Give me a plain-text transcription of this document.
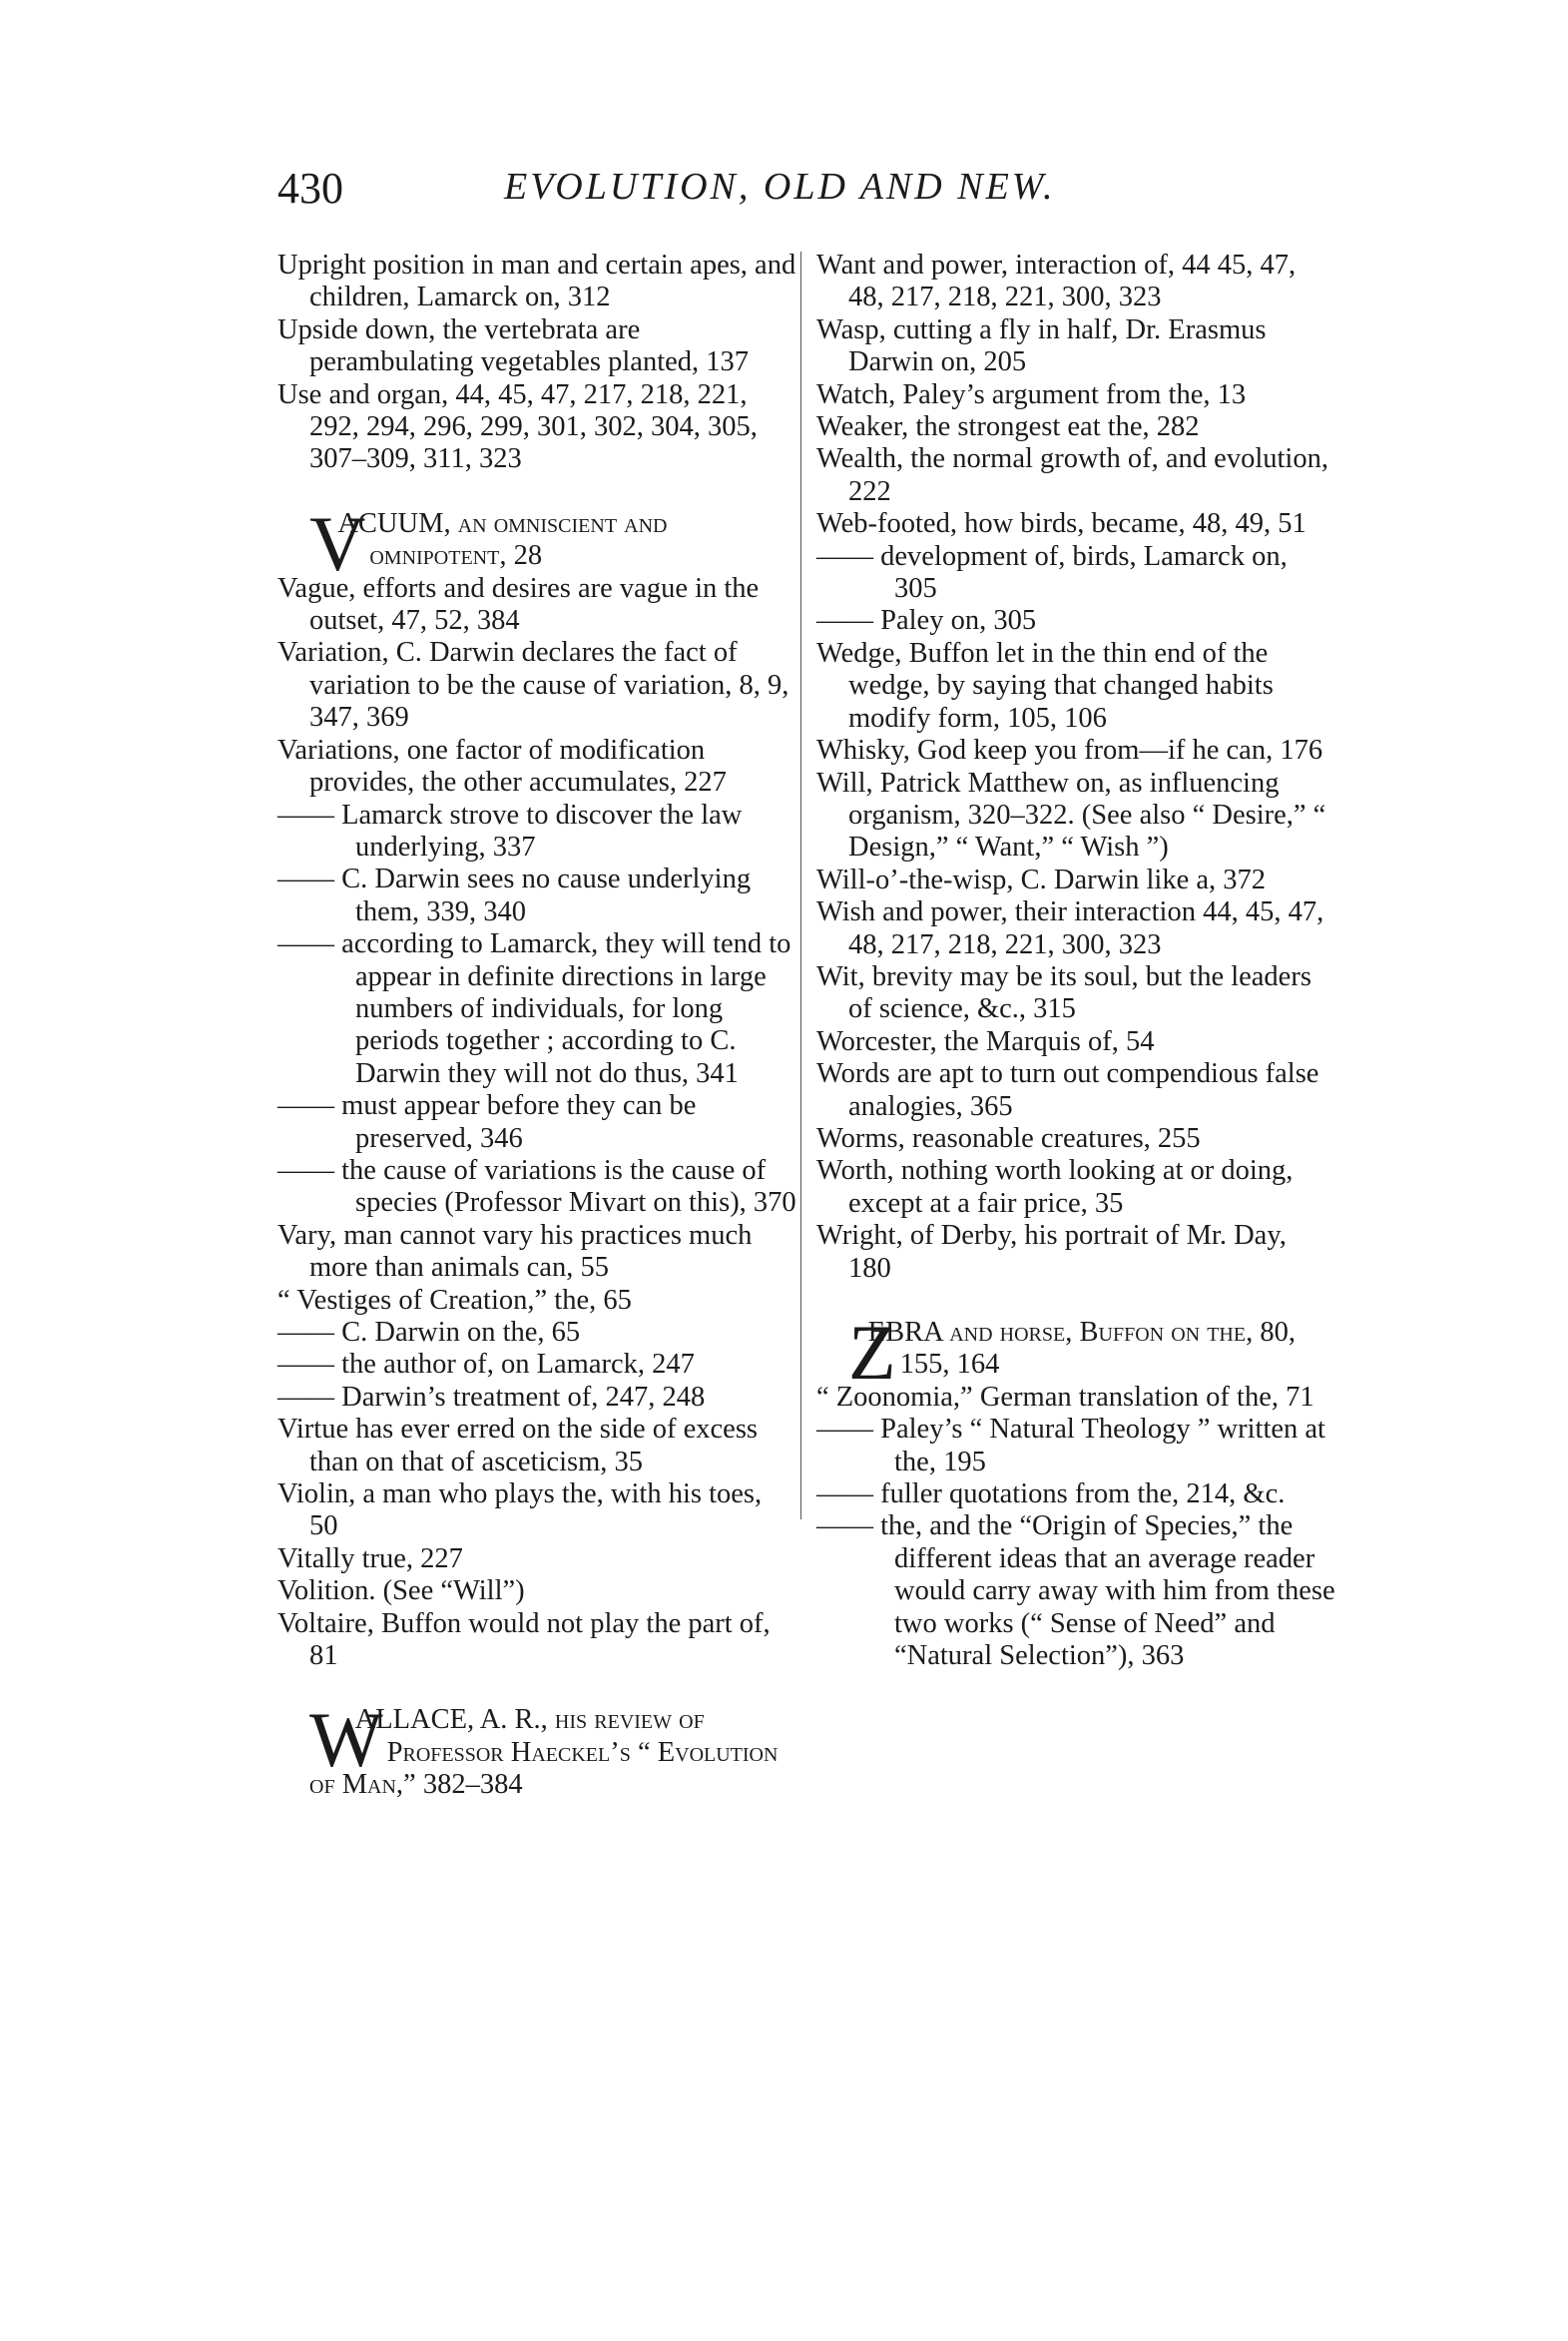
430	EVOLUTION, OLD AND NEW.

Upright position in man and certain apes, and children, Lamarck on, 312

Upside down, the vertebrata are perambulating vegetables planted, 137

Use and organ, 44, 45, 47, 217, 218, 221, 292, 294, 296, 299, 301, 302, 304, 305, 307–309, 311, 323

V
ACUUM, an omniscient and omnipotent, 28

Vague, efforts and desires are vague in the outset, 47, 52, 384

Variation, C. Darwin declares the fact of variation to be the cause of variation, 8, 9, 347, 369

Variations, one factor of modification provides, the other accumulates, 227

—— Lamarck strove to discover the law underlying, 337

—— C. Darwin sees no cause underlying them, 339, 340

—— according to Lamarck, they will tend to appear in definite directions in large numbers of individuals, for long periods together ; according to C. Darwin they will not do thus, 341

—— must appear before they can be preserved, 346

—— the cause of variations is the cause of species (Professor Mivart on this), 370

Vary, man cannot vary his practices much more than animals can, 55

“ Vestiges of Creation,” the, 65

—— C. Darwin on the, 65

—— the author of, on Lamarck, 247

—— Darwin’s treatment of, 247, 248

Virtue has ever erred on the side of excess than on that of asceticism, 35

Violin, a man who plays the, with his toes, 50

Vitally true, 227

Volition. (See “Will”)

Voltaire, Buffon would not play the part of, 81

W
ALLACE, A. R., his review of Professor Haeckel’s “ Evolution of Man,” 382–384

Want and power, interaction of, 44 45, 47, 48, 217, 218, 221, 300, 323

Wasp, cutting a fly in half, Dr. Erasmus Darwin on, 205

Watch, Paley’s argument from the, 13

Weaker, the strongest eat the, 282

Wealth, the normal growth of, and evolution, 222

Web-footed, how birds, became, 48, 49, 51

—— development of, birds, Lamarck on, 305

—— Paley on, 305

Wedge, Buffon let in the thin end of the wedge, by saying that changed habits modify form, 105, 106

Whisky, God keep you from—if he can, 176

Will, Patrick Matthew on, as influencing organism, 320–322. (See also “ Desire,” “ Design,” “ Want,” “ Wish ”)

Will-o’-the-wisp, C. Darwin like a, 372

Wish and power, their interaction 44, 45, 47, 48, 217, 218, 221, 300, 323

Wit, brevity may be its soul, but the leaders of science, &c., 315

Worcester, the Marquis of, 54

Words are apt to turn out compendious false analogies, 365

Worms, reasonable creatures, 255

Worth, nothing worth looking at or doing, except at a fair price, 35

Wright, of Derby, his portrait of Mr. Day, 180

Z
EBRA and horse, Buffon on the, 80, 155, 164

“ Zoonomia,” German translation of the, 71

—— Paley’s “ Natural Theology ” written at the, 195

—— fuller quotations from the, 214, &c.

—— the, and the “Origin of Species,” the different ideas that an average reader would carry away with him from these two works (“ Sense of Need” and “Natural Selection”), 363
